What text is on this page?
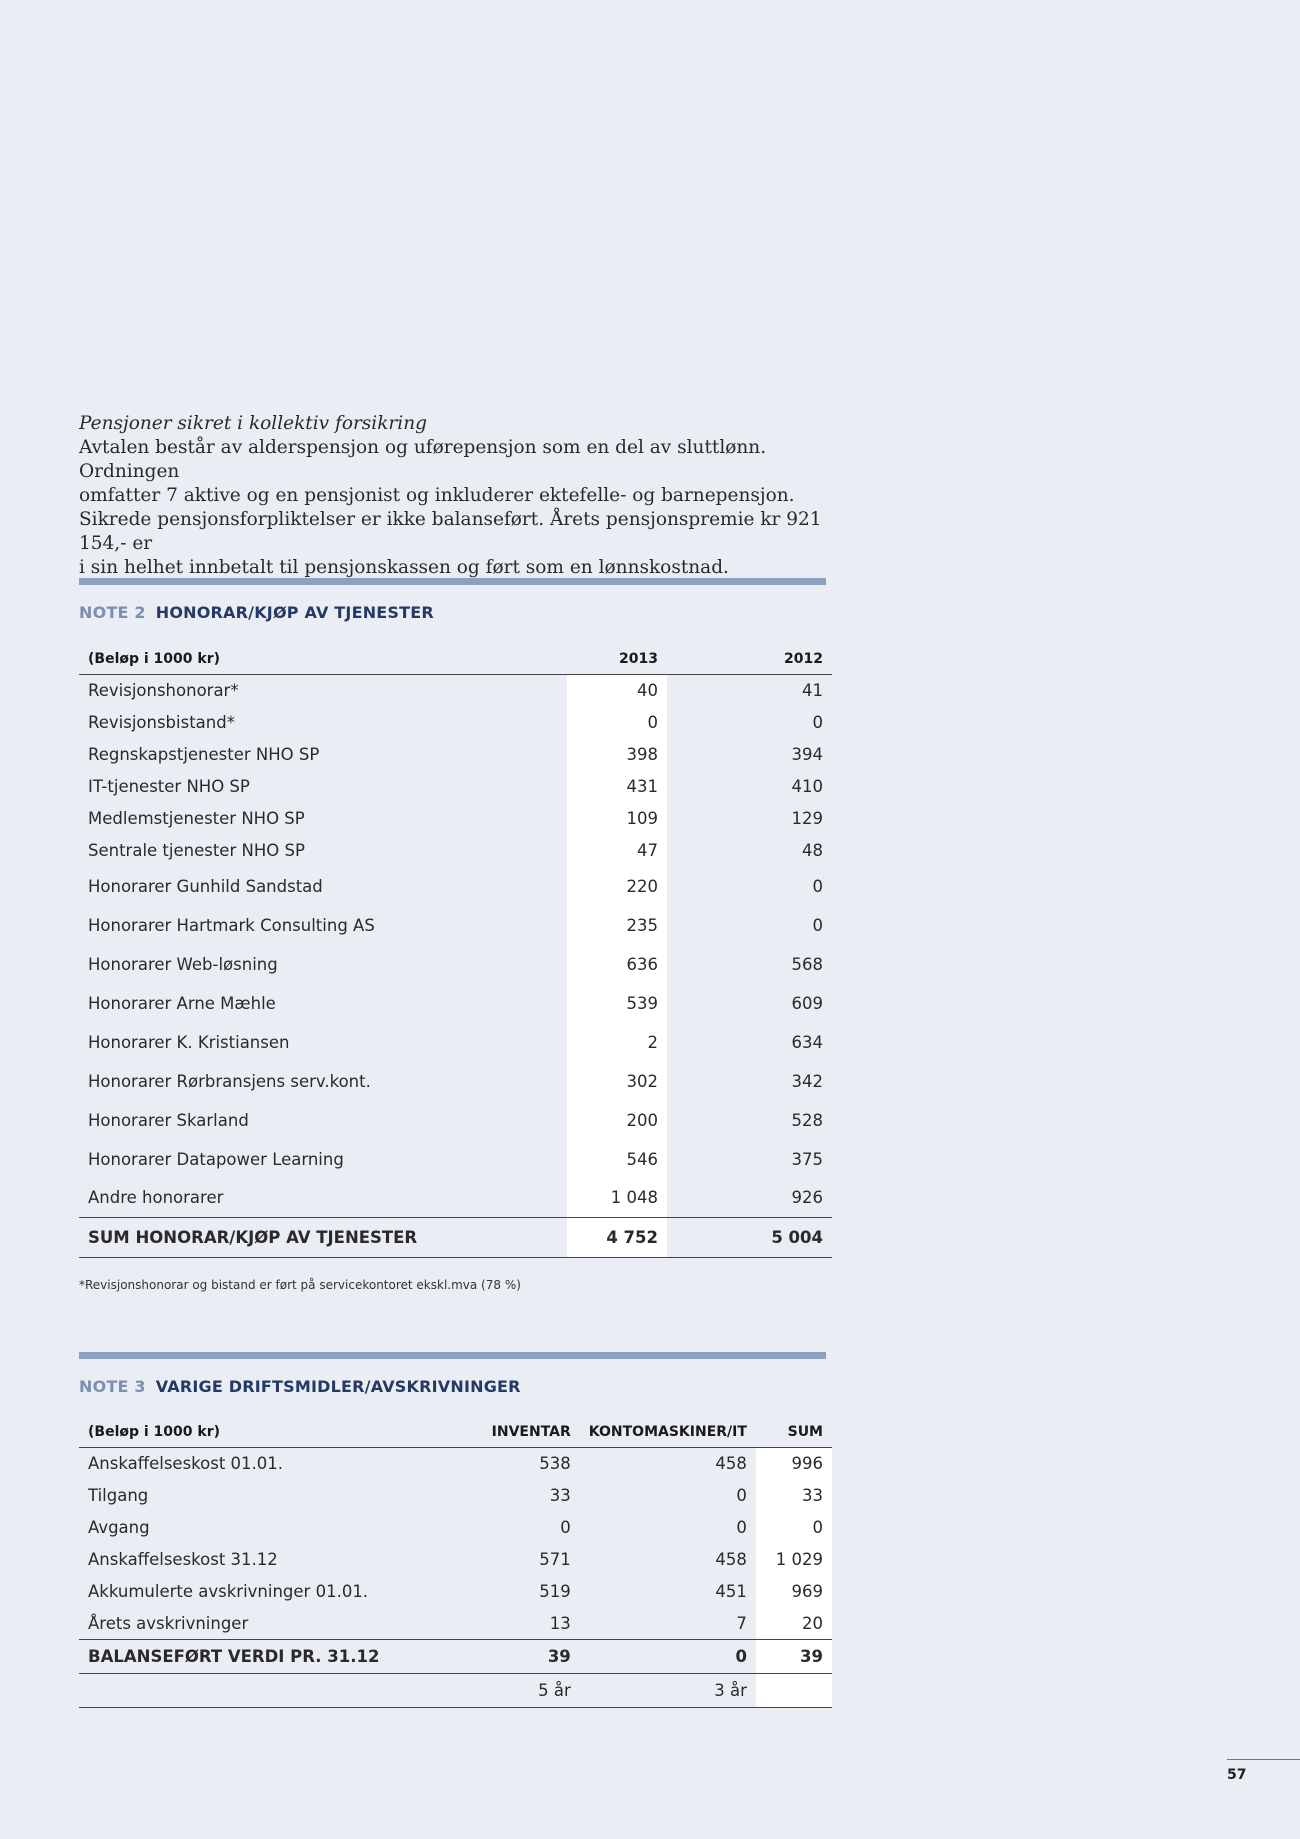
Pensjoner sikret i kollektiv forsikring

Avtalen består av alderspensjon og uførepensjon som en del av sluttlønn. Ordningen

omfatter 7 aktive og en pensjonist og inkluderer ektefelle- og barnepensjon.

Sikrede pensjonsforpliktelser er ikke balanseført. Årets pensjonspremie kr 921 154,- er

i sin helhet innbetalt til pensjonskassen og ført som en lønnskostnad.

NOTE 2 HONORAR/KJØP AV TJENESTER
(Beløp i 1000 kr)	2013	2012
Revisjonshonorar*	40	41
Revisjonsbistand*	0	0
Regnskapstjenester NHO SP	398	394
IT-tjenester NHO SP	431	410
Medlemstjenester NHO SP	109	129
Sentrale tjenester NHO SP	47	48
Honorarer Gunhild Sandstad	220	0
Honorarer Hartmark Consulting AS	235	0
Honorarer Web-løsning	636	568
Honorarer Arne Mæhle	539	609
Honorarer K. Kristiansen	2	634
Honorarer Rørbransjens serv.kont.	302	342
Honorarer Skarland	200	528
Honorarer Datapower Learning	546	375
Andre honorarer	1 048	926
SUM HONORAR/KJØP AV TJENESTER	4 752	5 004
*Revisjonshonorar og bistand er ført på servicekontoret ekskl.mva (78 %)
NOTE 3 VARIGE DRIFTSMIDLER/AVSKRIVNINGER
(Beløp i 1000 kr)	INVENTAR	KONTOMASKINER/IT	SUM
Anskaffelseskost 01.01.	538	458	996
Tilgang	33	0	33
Avgang	0	0	0
Anskaffelseskost 31.12	571	458	1 029
Akkumulerte avskrivninger 01.01.	519	451	969
Årets avskrivninger	13	7	20
BALANSEFØRT VERDI PR. 31.12	39	0	39
	5 år	3 år	
57
